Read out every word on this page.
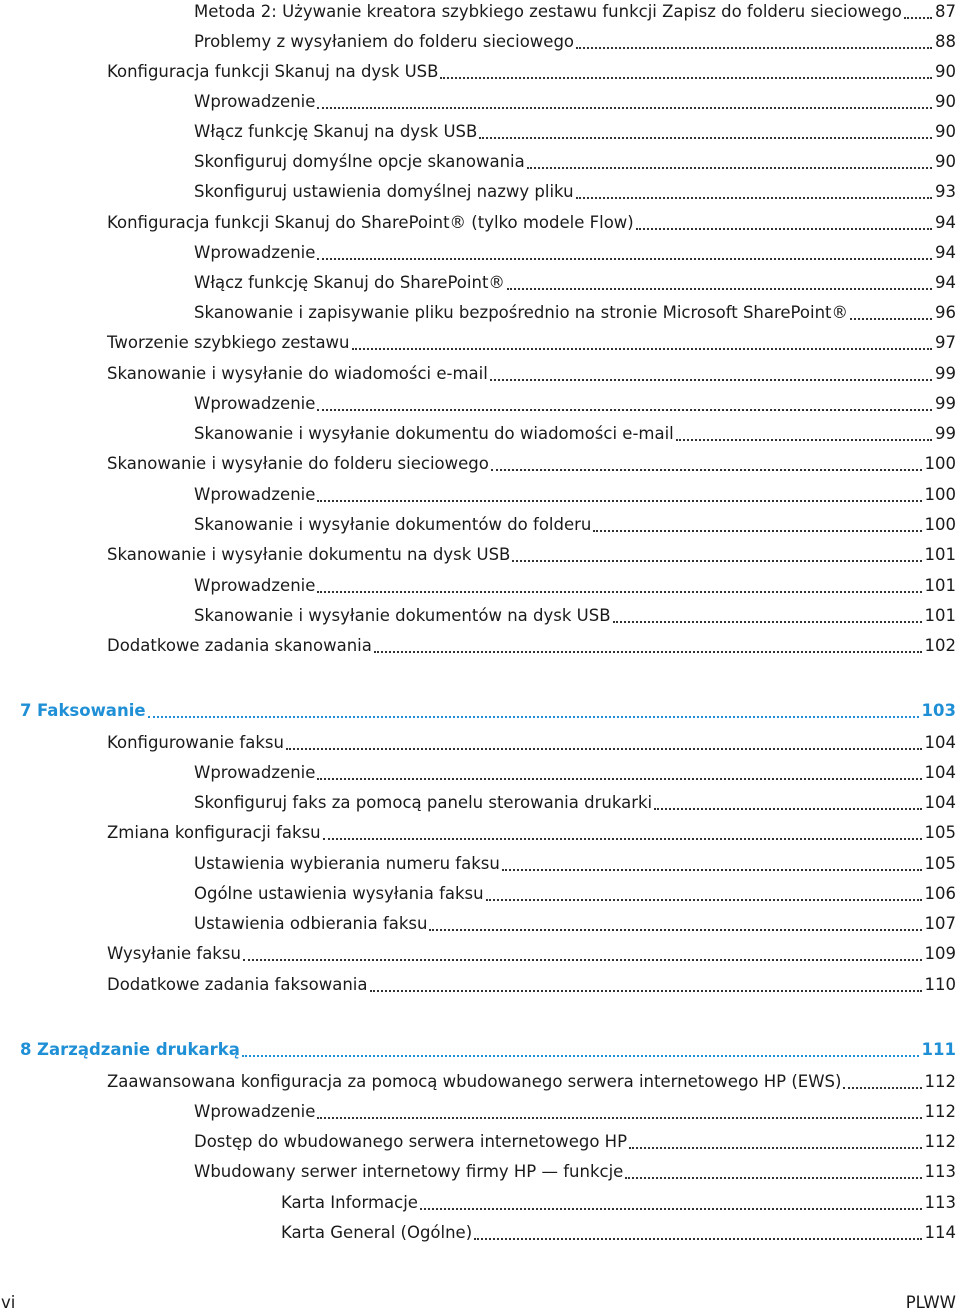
Metoda 2: Używanie kreatora szybkiego zestawu funkcji Zapisz do folderu sieciowego 87
Problemy z wysyłaniem do folderu sieciowego	88
Konfiguracja funkcji Skanuj na dysk USB	90
Wprowadzenie	90
Włącz funkcję Skanuj na dysk USB	90
Skonfiguruj domyślne opcje skanowania	90
Skonfiguruj ustawienia domyślnej nazwy pliku	93
Konfiguracja funkcji Skanuj do SharePoint® (tylko modele Flow)	94
Wprowadzenie	94
Włącz funkcję Skanuj do SharePoint®	94
Skanowanie i zapisywanie pliku bezpośrednio na stronie Microsoft SharePoint®	96
Tworzenie szybkiego zestawu	97
Skanowanie i wysyłanie do wiadomości e-mail	99
Wprowadzenie	99
Skanowanie i wysyłanie dokumentu do wiadomości e-mail	99
Skanowanie i wysyłanie do folderu sieciowego	100
Wprowadzenie	100
Skanowanie i wysyłanie dokumentów do folderu	100
Skanowanie i wysyłanie dokumentu na dysk USB	101
Wprowadzenie	101
Skanowanie i wysyłanie dokumentów na dysk USB	101
Dodatkowe zadania skanowania	102
7 Faksowanie	103
Konfigurowanie faksu	104
Wprowadzenie	104
Skonfiguruj faks za pomocą panelu sterowania drukarki	104
Zmiana konfiguracji faksu	105
Ustawienia wybierania numeru faksu	105
Ogólne ustawienia wysyłania faksu	106
Ustawienia odbierania faksu	107
Wysyłanie faksu	109
Dodatkowe zadania faksowania	110
8 Zarządzanie drukarką	111
Zaawansowana konfiguracja za pomocą wbudowanego serwera internetowego HP (EWS)	112
Wprowadzenie	112
Dostęp do wbudowanego serwera internetowego HP	112
Wbudowany serwer internetowy firmy HP — funkcje	113
Karta Informacje	113
Karta General (Ogólne)	114
vi	PLWW
